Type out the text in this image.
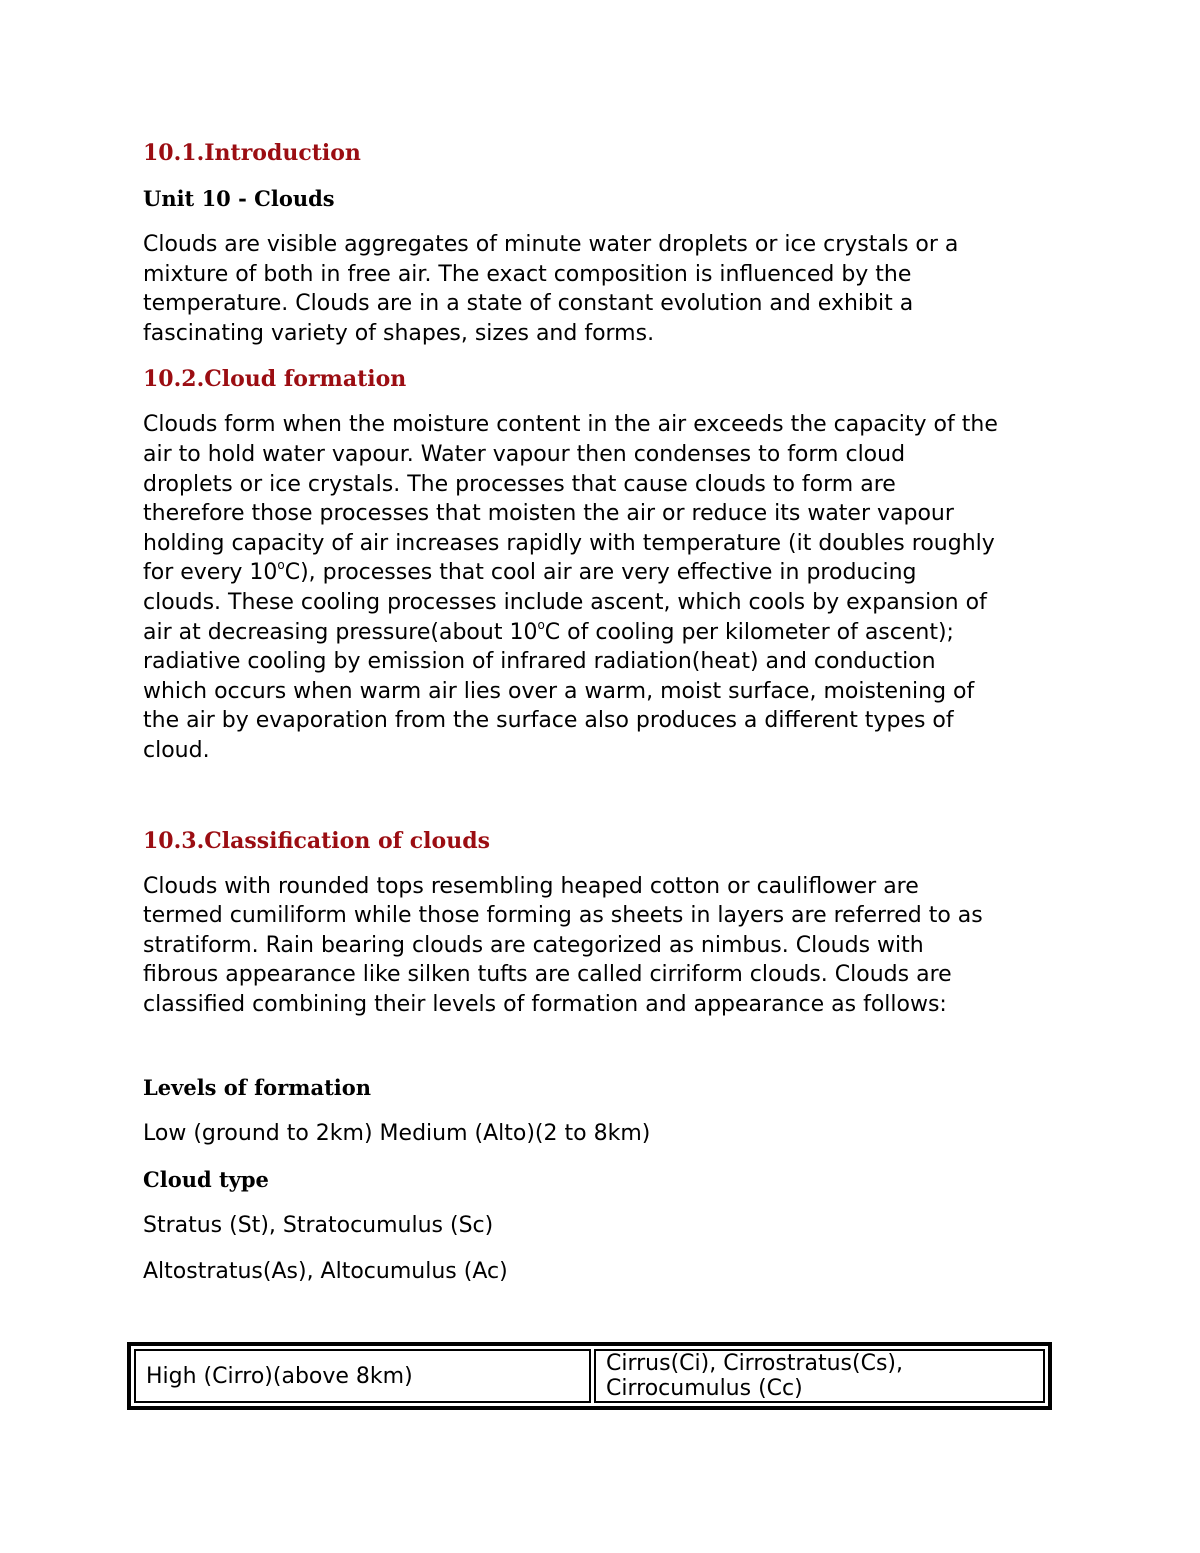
10.1.Introduction
Unit 10 - Clouds
Clouds are visible aggregates of minute water droplets or ice crystals or a
mixture of both in free air. The exact composition is influenced by the
temperature. Clouds are in a state of constant evolution and exhibit a
fascinating variety of shapes, sizes and forms.
10.2.Cloud formation
Clouds form when the moisture content in the air exceeds the capacity of the
air to hold water vapour. Water vapour then condenses to form cloud
droplets or ice crystals. The processes that cause clouds to form are
therefore those processes that moisten the air or reduce its water vapour
holding capacity of air increases rapidly with temperature (it doubles roughly
for every 10$^o$C), processes that cool air are very effective in producing
clouds. These cooling processes include ascent, which cools by expansion of
air at decreasing pressure(about 10$^o$C of cooling per kilometer of ascent);
radiative cooling by emission of infrared radiation(heat) and conduction
which occurs when warm air lies over a warm, moist surface, moistening of
the air by evaporation from the surface also produces a different types of
cloud.
10.3.Classification of clouds
Clouds with rounded tops resembling heaped cotton or cauliflower are
termed cumiliform while those forming as sheets in layers are referred to as
stratiform. Rain bearing clouds are categorized as nimbus. Clouds with
fibrous appearance like silken tufts are called cirriform clouds. Clouds are
classified combining their levels of formation and appearance as follows:
Levels of formation
Low (ground to 2km) Medium (Alto)(2 to 8km)
Cloud type
Stratus (St), Stratocumulus (Sc)
Altostratus(As), Altocumulus (Ac)
High (Cirro)(above 8km)	Cirrus(Ci), Cirrostratus(Cs),
Cirrocumulus (Cc)
